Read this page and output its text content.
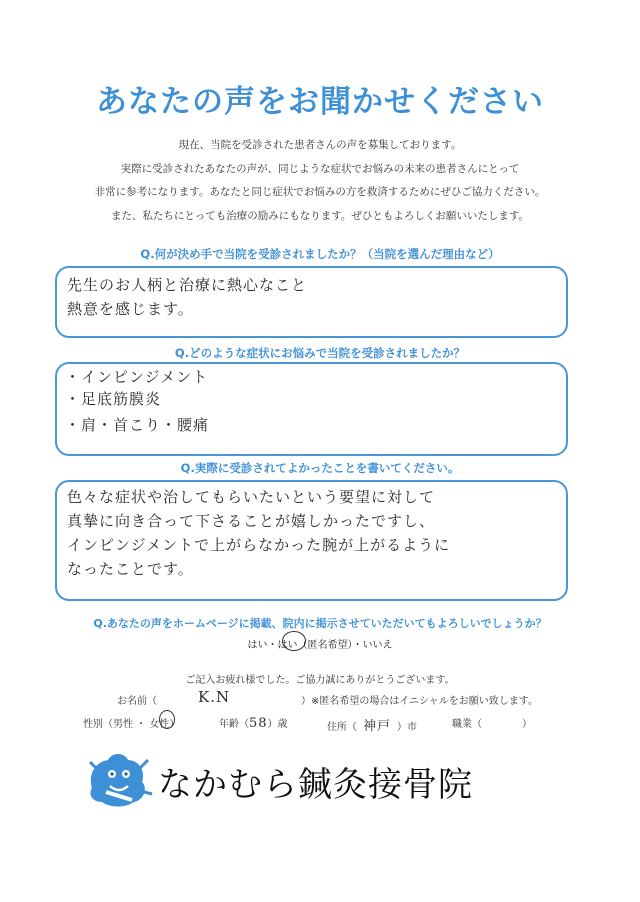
あなたの声をお聞かせください
現在、当院を受診された患者さんの声を募集しております。
実際に受診されたあなたの声が、同じような症状でお悩みの未来の患者さんにとって
非常に参考になります。あなたと同じ症状でお悩みの方を救済するためにぜひご協力ください。
また、私たちにとっても治療の励みにもなります。ぜひともよろしくお願いいたします。
Q.何が決め手で当院を受診されましたか？（当院を選んだ理由など）
先生のお人柄と治療に熱心なこと
熱意を感じます。
Q.どのような症状にお悩みで当院を受診されましたか？
・インピンジメント
・足底筋膜炎
・肩・首こり・腰痛
Q.実際に受診されてよかったことを書いてください。
色々な症状や治してもらいたいという要望に対して
真摯に向き合って下さることが嬉しかったですし、
インピンジメントで上がらなかった腕が上がるように
なったことです。
Q.あなたの声をホームページに掲載、院内に掲示させていただいてもよろしいでしょうか？
はい・はい（匿名希望）・いいえ
ご記入お疲れ様でした。ご協力誠にありがとうございます。
お名前（	K.N	）※匿名希望の場合はイニシャルをお願い致します。
性別（男性 ・ 女性）	年齢（58）歳	住所（ 神戸 ）市	職業（	）
なかむら鍼灸接骨院
